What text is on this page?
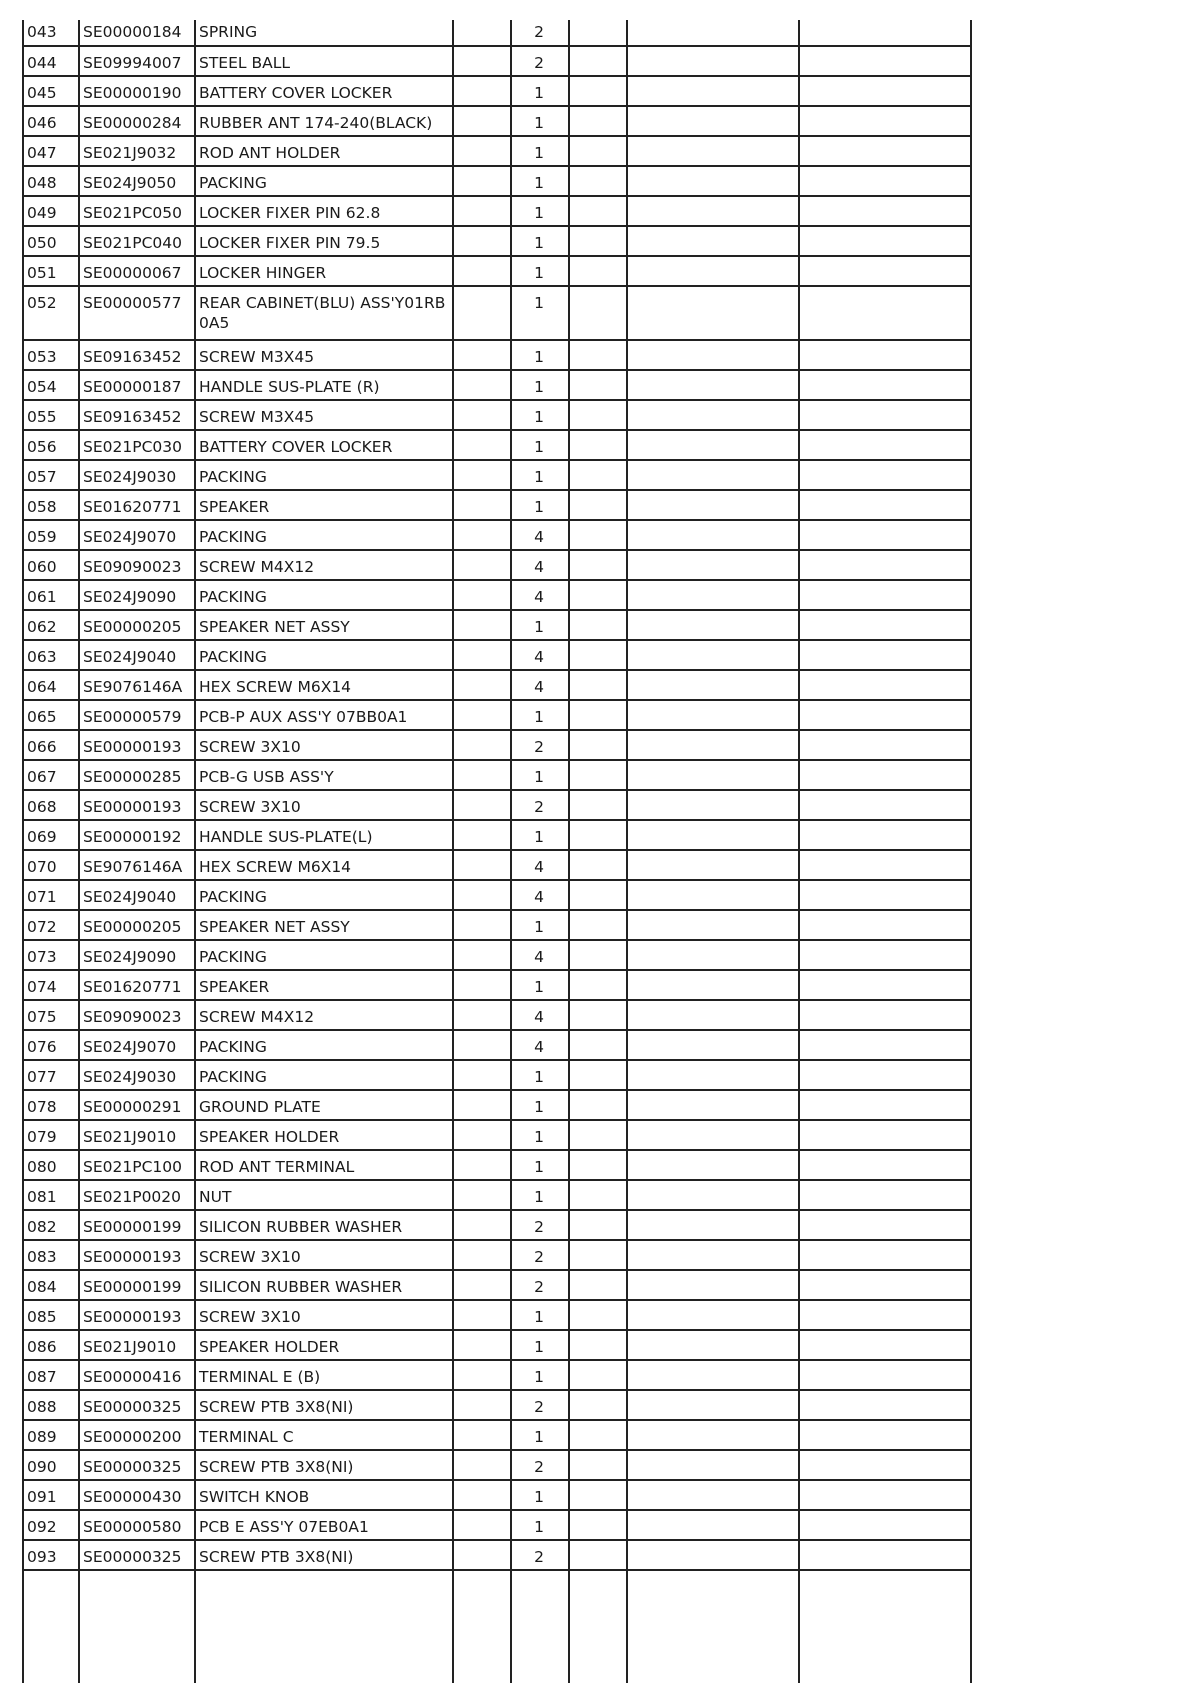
043	SE00000184	SPRING		2			
044	SE09994007	STEEL BALL		2			
045	SE00000190	BATTERY COVER LOCKER		1			
046	SE00000284	RUBBER ANT 174-240(BLACK)		1			
047	SE021J9032	ROD ANT HOLDER		1			
048	SE024J9050	PACKING		1			
049	SE021PC050	LOCKER FIXER PIN 62.8		1			
050	SE021PC040	LOCKER FIXER PIN 79.5		1			
051	SE00000067	LOCKER HINGER		1			
052	SE00000577	REAR CABINET(BLU) ASS'Y01RB0A5		1			
053	SE09163452	SCREW M3X45		1			
054	SE00000187	HANDLE SUS-PLATE (R)		1			
055	SE09163452	SCREW M3X45		1			
056	SE021PC030	BATTERY COVER LOCKER		1			
057	SE024J9030	PACKING		1			
058	SE01620771	SPEAKER		1			
059	SE024J9070	PACKING		4			
060	SE09090023	SCREW M4X12		4			
061	SE024J9090	PACKING		4			
062	SE00000205	SPEAKER NET ASSY		1			
063	SE024J9040	PACKING		4			
064	SE9076146A	HEX SCREW M6X14		4			
065	SE00000579	PCB-P AUX ASS'Y 07BB0A1		1			
066	SE00000193	SCREW 3X10		2			
067	SE00000285	PCB-G USB ASS'Y		1			
068	SE00000193	SCREW 3X10		2			
069	SE00000192	HANDLE SUS-PLATE(L)		1			
070	SE9076146A	HEX SCREW M6X14		4			
071	SE024J9040	PACKING		4			
072	SE00000205	SPEAKER NET ASSY		1			
073	SE024J9090	PACKING		4			
074	SE01620771	SPEAKER		1			
075	SE09090023	SCREW M4X12		4			
076	SE024J9070	PACKING		4			
077	SE024J9030	PACKING		1			
078	SE00000291	GROUND PLATE		1			
079	SE021J9010	SPEAKER HOLDER		1			
080	SE021PC100	ROD ANT TERMINAL		1			
081	SE021P0020	NUT		1			
082	SE00000199	SILICON RUBBER WASHER		2			
083	SE00000193	SCREW 3X10		2			
084	SE00000199	SILICON RUBBER WASHER		2			
085	SE00000193	SCREW 3X10		1			
086	SE021J9010	SPEAKER HOLDER		1			
087	SE00000416	TERMINAL E (B)		1			
088	SE00000325	SCREW PTB 3X8(NI)		2			
089	SE00000200	TERMINAL C		1			
090	SE00000325	SCREW PTB 3X8(NI)		2			
091	SE00000430	SWITCH KNOB		1			
092	SE00000580	PCB E ASS'Y 07EB0A1		1			
093	SE00000325	SCREW PTB 3X8(NI)		2			
